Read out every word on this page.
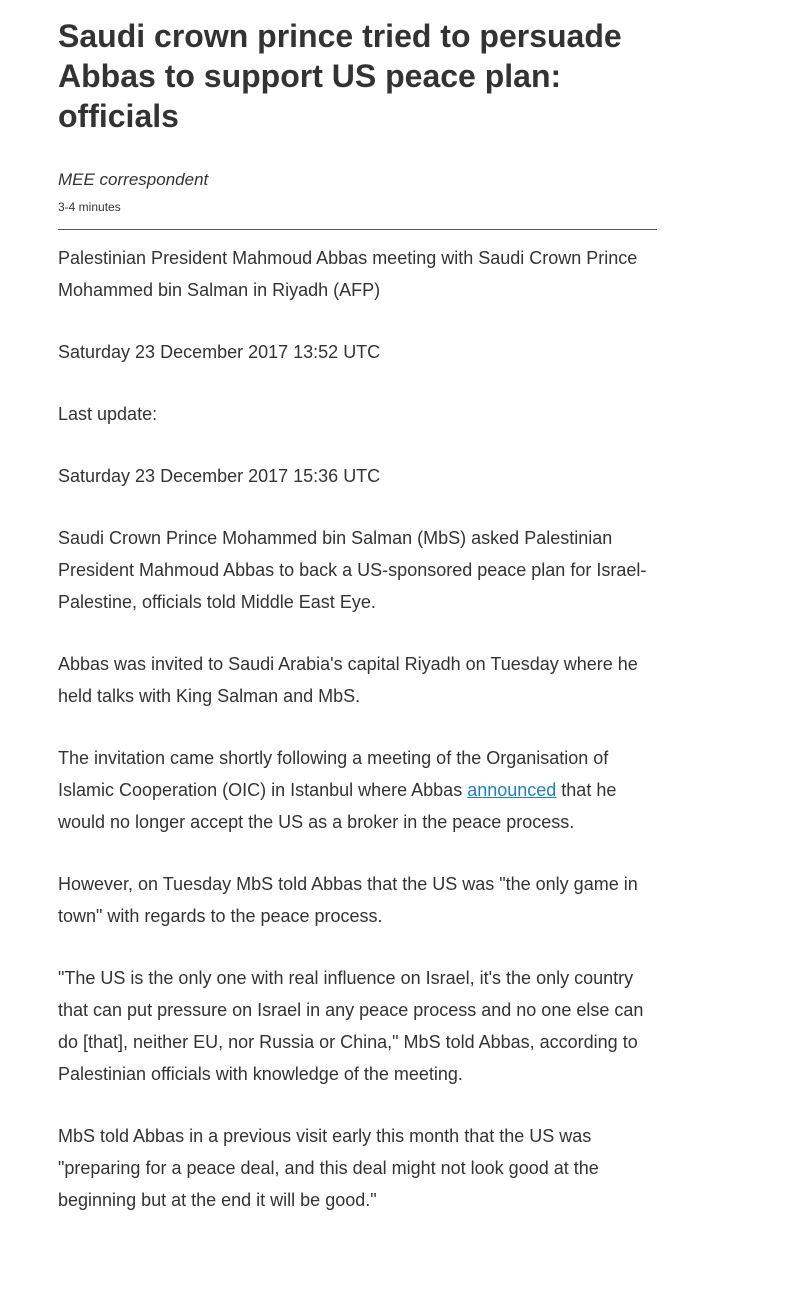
Saudi crown prince tried to persuade Abbas to support US peace plan: officials

MEE correspondent

3-4 minutes

Palestinian President Mahmoud Abbas meeting with Saudi Crown Prince Mohammed bin Salman in Riyadh (AFP)

Saturday 23 December 2017 13:52 UTC

Last update:

Saturday 23 December 2017 15:36 UTC

Saudi Crown Prince Mohammed bin Salman (MbS) asked Palestinian President Mahmoud Abbas to back a US-sponsored peace plan for Israel-Palestine, officials told Middle East Eye.

Abbas was invited to Saudi Arabia's capital Riyadh on Tuesday where he held talks with King Salman and MbS.

The invitation came shortly following a meeting of the Organisation of Islamic Cooperation (OIC) in Istanbul where Abbas announced that he would no longer accept the US as a broker in the peace process.

However, on Tuesday MbS told Abbas that the US was "the only game in town" with regards to the peace process.

"The US is the only one with real influence on Israel, it's the only country that can put pressure on Israel in any peace process and no one else can do [that], neither EU, nor Russia or China," MbS told Abbas, according to Palestinian officials with knowledge of the meeting.

MbS told Abbas in a previous visit early this month that the US was "preparing for a peace deal, and this deal might not look good at the beginning but at the end it will be good."
